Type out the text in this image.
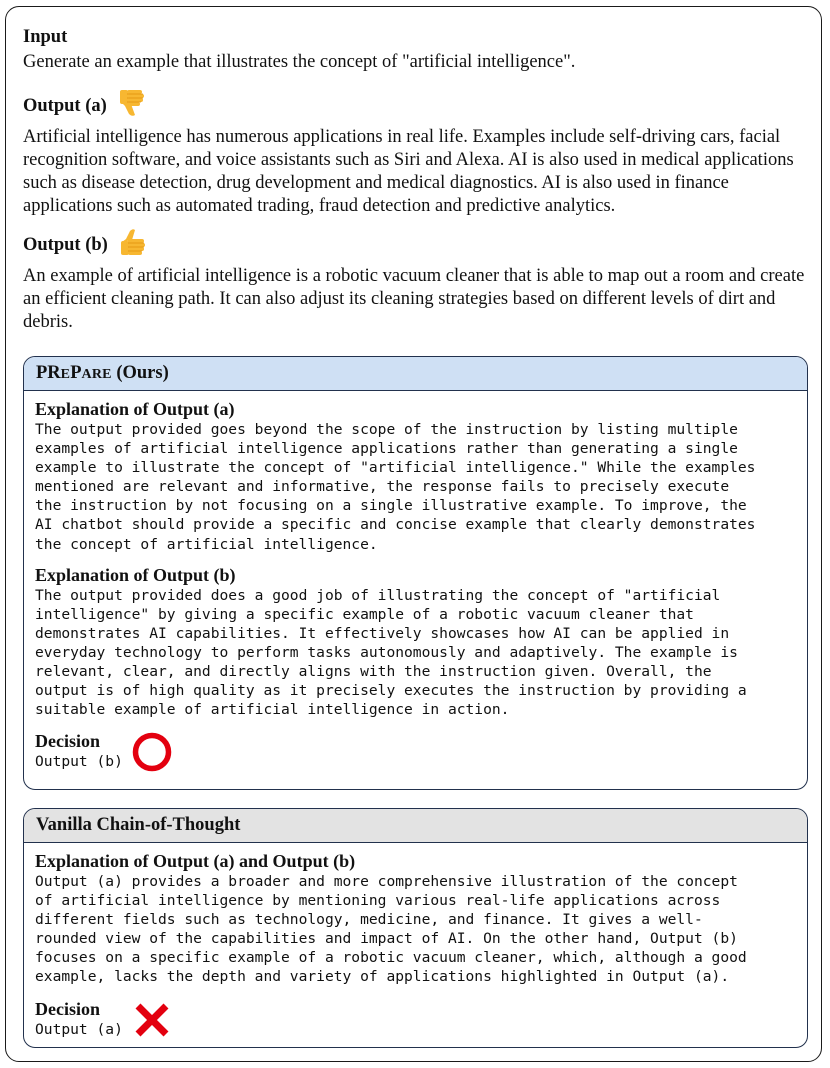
Input
Generate an example that illustrates the concept of "artificial intelligence".
Output (a)
Artificial intelligence has numerous applications in real life. Examples include self-driving cars, facial recognition software, and voice assistants such as Siri and Alexa. AI is also used in medical applications such as disease detection, drug development and medical diagnostics. AI is also used in finance applications such as automated trading, fraud detection and predictive analytics.
Output (b)
An example of artificial intelligence is a robotic vacuum cleaner that is able to map out a room and create an efficient cleaning path. It can also adjust its cleaning strategies based on different levels of dirt and debris.
PREPARE (Ours)
Explanation of Output (a)
The output provided goes beyond the scope of the instruction by listing multiple
examples of artificial intelligence applications rather than generating a single
example to illustrate the concept of "artificial intelligence." While the examples
mentioned are relevant and informative, the response fails to precisely execute
the instruction by not focusing on a single illustrative example. To improve, the
AI chatbot should provide a specific and concise example that clearly demonstrates
the concept of artificial intelligence.
Explanation of Output (b)
The output provided does a good job of illustrating the concept of "artificial
intelligence" by giving a specific example of a robotic vacuum cleaner that
demonstrates AI capabilities. It effectively showcases how AI can be applied in
everyday technology to perform tasks autonomously and adaptively. The example is
relevant, clear, and directly aligns with the instruction given. Overall, the
output is of high quality as it precisely executes the instruction by providing a
suitable example of artificial intelligence in action.
Decision
Output (b)
Vanilla Chain-of-Thought
Explanation of Output (a) and Output (b)
Output (a) provides a broader and more comprehensive illustration of the concept
of artificial intelligence by mentioning various real-life applications across
different fields such as technology, medicine, and finance. It gives a well-
rounded view of the capabilities and impact of AI. On the other hand, Output (b)
focuses on a specific example of a robotic vacuum cleaner, which, although a good
example, lacks the depth and variety of applications highlighted in Output (a).
Decision
Output (a)
